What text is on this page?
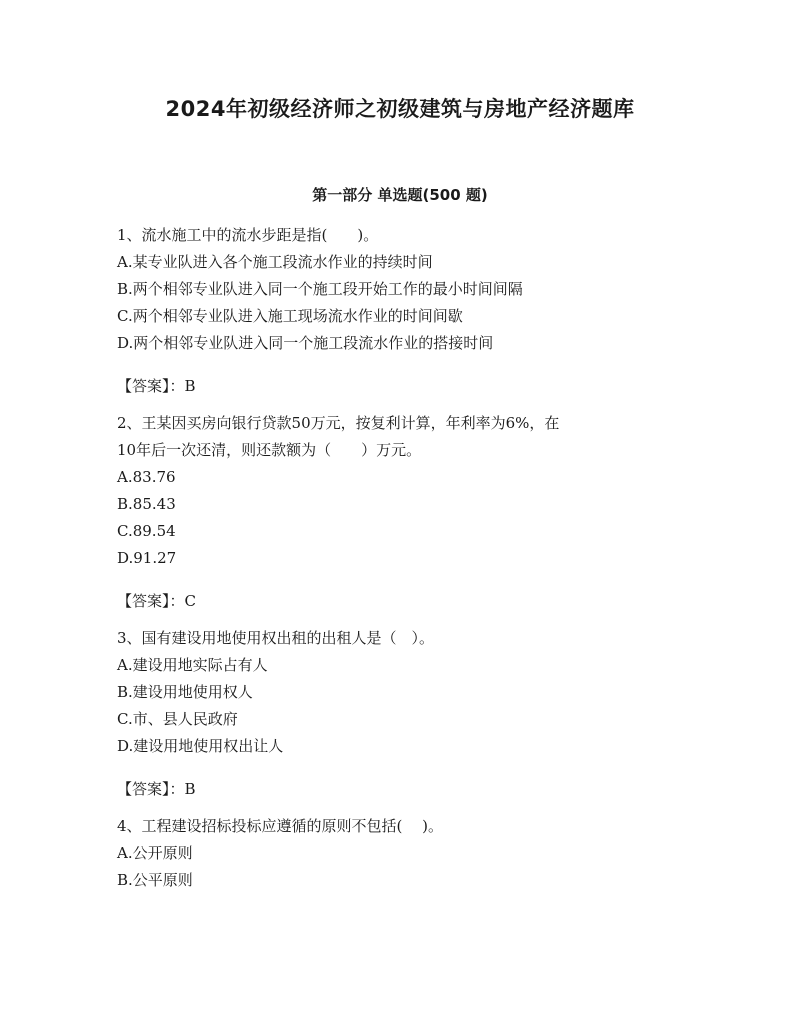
2024年初级经济师之初级建筑与房地产经济题库
第一部分 单选题(500 题)
1、流水施工中的流水步距是指(　　)。
A.某专业队进入各个施工段流水作业的持续时间
B.两个相邻专业队进入同一个施工段开始工作的最小时间间隔
C.两个相邻专业队进入施工现场流水作业的时间间歇
D.两个相邻专业队进入同一个施工段流水作业的搭接时间
【答案】：B
2、王某因买房向银行贷款50万元，按复利计算，年利率为6%，在
10年后一次还清，则还款额为（　　）万元。
A.83.76
B.85.43
C.89.54
D.91.27
【答案】：C
3、国有建设用地使用权出租的出租人是（　）。
A.建设用地实际占有人
B.建设用地使用权人
C.市、县人民政府
D.建设用地使用权出让人
【答案】：B
4、工程建设招标投标应遵循的原则不包括(　 )。
A.公开原则
B.公平原则
